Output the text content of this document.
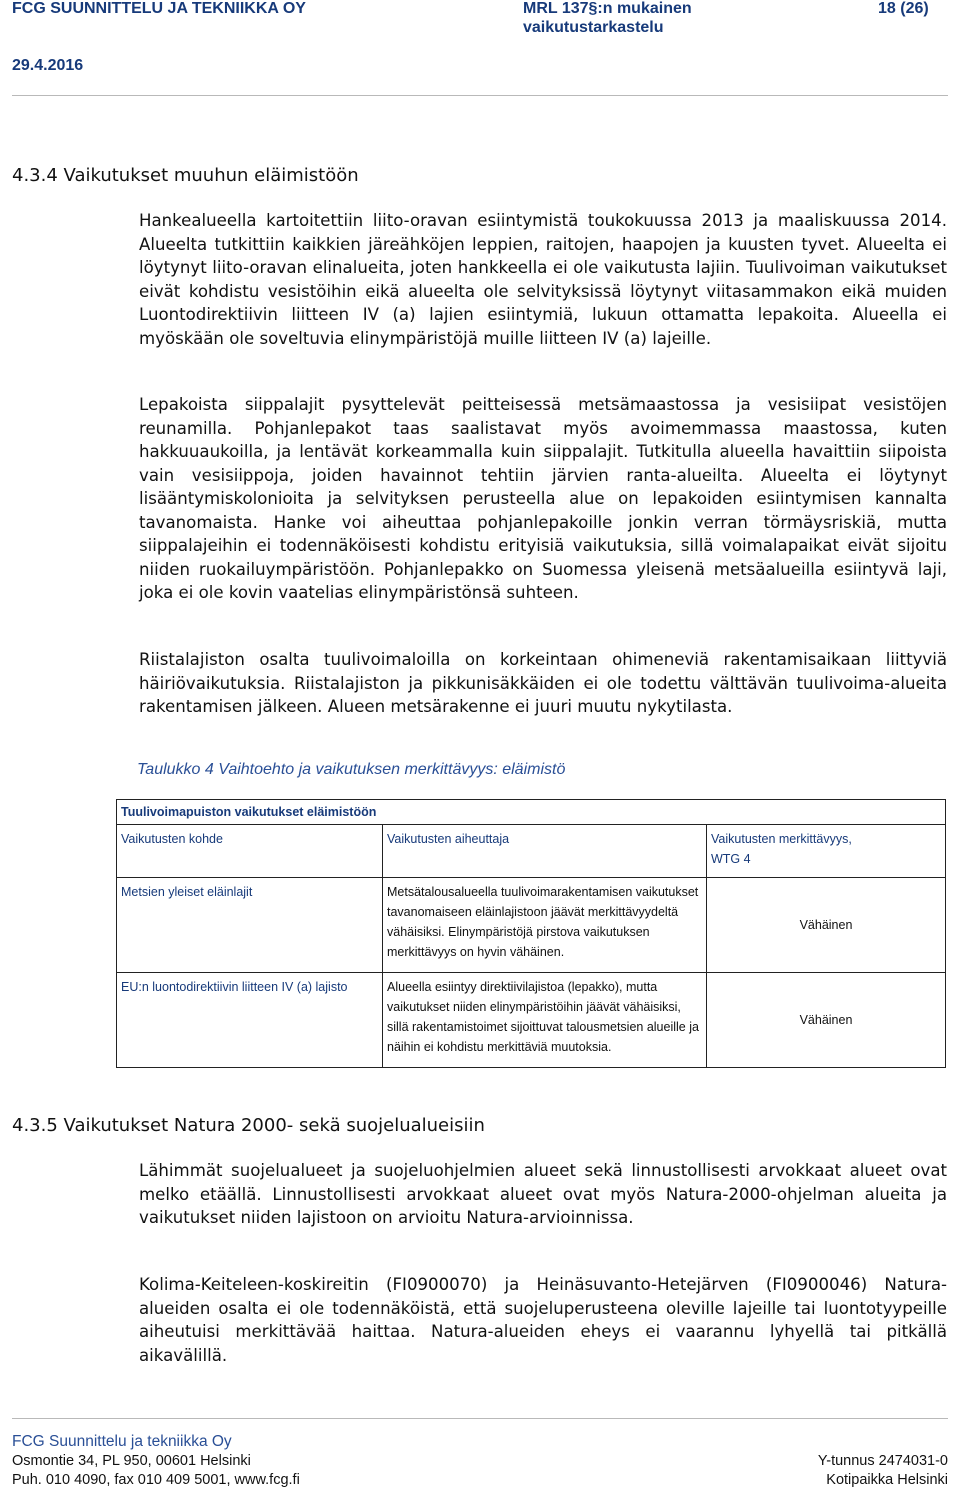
FCG SUUNNITTELU JA TEKNIIKKA OY	MRL 137§:n mukainen
vaikutustarkastelu
18 (26)
29.4.2016
4.3.4 Vaikutukset muuhun eläimistöön

Hankealueella kartoitettiin liito-oravan esiintymistä toukokuussa 2013 ja maaliskuussa 2014. Alueelta tutkittiin kaikkien järeähköjen leppien, raitojen, haapojen ja kuusten tyvet. Alueelta ei löytynyt liito-oravan elinalueita, joten hankkeella ei ole vaikutusta lajiin. Tuulivoiman vaikutukset eivät kohdistu vesistöihin eikä alueelta ole selvityksissä löytynyt viitasammakon eikä muiden Luontodirektiivin liitteen IV (a) lajien esiintymiä, lukuun ottamatta lepakoita. Alueella ei myöskään ole soveltuvia elinympäristöjä muille liitteen IV (a) lajeille.

Lepakoista siippalajit pysyttelevät peitteisessä metsämaastossa ja vesisiipat vesistöjen reunamilla. Pohjanlepakot taas saalistavat myös avoimemmassa maastossa, kuten hakkuuaukoilla, ja lentävät korkeammalla kuin siippalajit. Tutkitulla alueella havaittiin siipoista vain vesisiippoja, joiden havainnot tehtiin järvien ranta-alueilta. Alueelta ei löytynyt lisääntymiskolonioita ja selvityksen perusteella alue on lepakoiden esiintymisen kannalta tavanomaista. Hanke voi aiheuttaa pohjanlepakoille jonkin verran törmäysriskiä, mutta siippalajeihin ei todennäköisesti kohdistu erityisiä vaikutuksia, sillä voimalapaikat eivät sijoitu niiden ruokailuympäristöön. Pohjanlepakko on Suomessa yleisenä metsäalueilla esiintyvä laji, joka ei ole kovin vaatelias elinympäristönsä suhteen.

Riistalajiston osalta tuulivoimaloilla on korkeintaan ohimeneviä rakentamisaikaan liittyviä häiriövaikutuksia. Riistalajiston ja pikkunisäkkäiden ei ole todettu välttävän tuulivoima-alueita rakentamisen jälkeen. Alueen metsärakenne ei juuri muutu nykytilasta.

Taulukko 4 Vaihtoehto ja vaikutuksen merkittävyys: eläimistö
Tuulivoimapuiston vaikutukset eläimistöön		
Vaikutusten kohde	Vaikutusten aiheuttaja	Vaikutusten merkittävyys,
WTG 4

Metsien yleiset eläinlajit	Metsätalousalueella tuulivoimarakentamisen vaikutukset tavanomaiseen eläinlajistoon jäävät merkittävyydeltä vähäisiksi. Elinympäristöjä pirstova vaikutuksen merkittävyys on hyvin vähäinen.	Vähäinen
EU:n luontodirektiivin liitteen IV (a) lajisto	Alueella esiintyy direktiivilajistoa (lepakko), mutta vaikutukset niiden elinympäristöihin jäävät vähäisiksi, sillä rakentamistoimet sijoittuvat talousmetsien alueille ja näihin ei kohdistu merkittäviä muutoksia.	Vähäinen
4.3.5 Vaikutukset Natura 2000- sekä suojelualueisiin

Lähimmät suojelualueet ja suojeluohjelmien alueet sekä linnustollisesti arvokkaat alueet ovat melko etäällä. Linnustollisesti arvokkaat alueet ovat myös Natura-2000-ohjelman alueita ja vaikutukset niiden lajistoon on arvioitu Natura-arvioinnissa.

Kolima-Keiteleen-koskireitin (FI0900070) ja Heinäsuvanto-Hetejärven (FI0900046) Natura-alueiden osalta ei ole todennäköistä, että suojeluperusteena oleville lajeille tai luontotyypeille aiheutuisi merkittävää haittaa. Natura-alueiden eheys ei vaarannu lyhyellä tai pitkällä aikavälillä.

FCG Suunnittelu ja tekniikka Oy
Osmontie 34, PL 950, 00601 Helsinki
Puh. 010 4090, fax 010 409 5001, www.fcg.fi
Y-tunnus 2474031-0
Kotipaikka Helsinki
